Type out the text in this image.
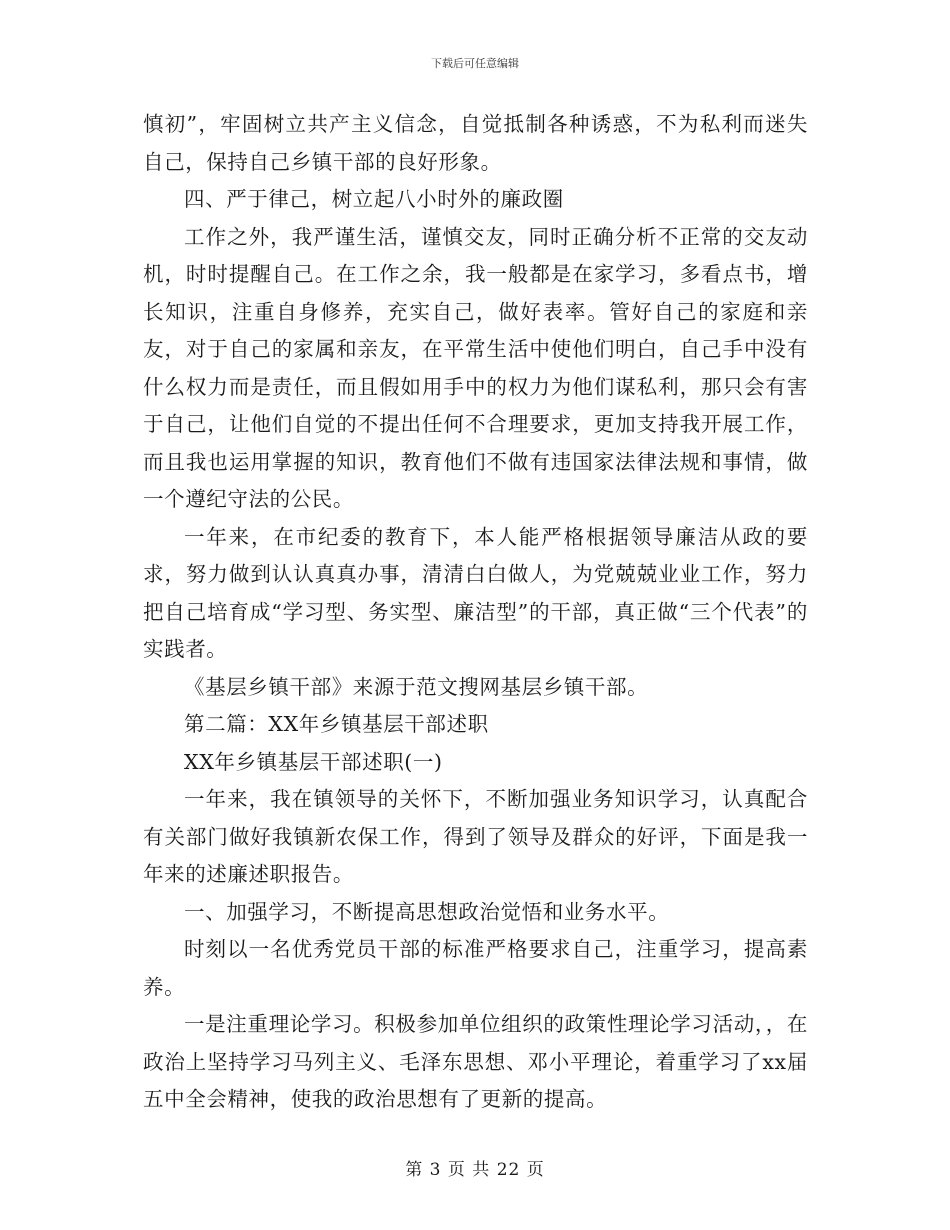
下载后可任意编辑

慎初”，牢固树立共产主义信念，自觉抵制各种诱惑，不为私利而迷失自己，保持自己乡镇干部的良好形象。

四、严于律己，树立起八小时外的廉政圈

工作之外，我严谨生活，谨慎交友，同时正确分析不正常的交友动机，时时提醒自己。在工作之余，我一般都是在家学习，多看点书，增长知识，注重自身修养，充实自己，做好表率。管好自己的家庭和亲友，对于自己的家属和亲友，在平常生活中使他们明白，自己手中没有什么权力而是责任，而且假如用手中的权力为他们谋私利，那只会有害于自己，让他们自觉的不提出任何不合理要求，更加支持我开展工作，而且我也运用掌握的知识，教育他们不做有违国家法律法规和事情，做一个遵纪守法的公民。

一年来，在市纪委的教育下，本人能严格根据领导廉洁从政的要求，努力做到认认真真办事，清清白白做人，为党兢兢业业工作，努力把自己培育成“学习型、务实型、廉洁型”的干部，真正做“三个代表”的实践者。

《基层乡镇干部》来源于范文搜网基层乡镇干部。

第二篇：XX年乡镇基层干部述职

XX年乡镇基层干部述职(一)

一年来，我在镇领导的关怀下，不断加强业务知识学习，认真配合有关部门做好我镇新农保工作，得到了领导及群众的好评，下面是我一年来的述廉述职报告。

一、加强学习，不断提高思想政治觉悟和业务水平。

时刻以一名优秀党员干部的标准严格要求自己，注重学习，提高素养。

一是注重理论学习。积极参加单位组织的政策性理论学习活动，，在政治上坚持学习马列主义、毛泽东思想、邓小平理论，着重学习了xx届五中全会精神，使我的政治思想有了更新的提高。

第 3 页 共 22 页
